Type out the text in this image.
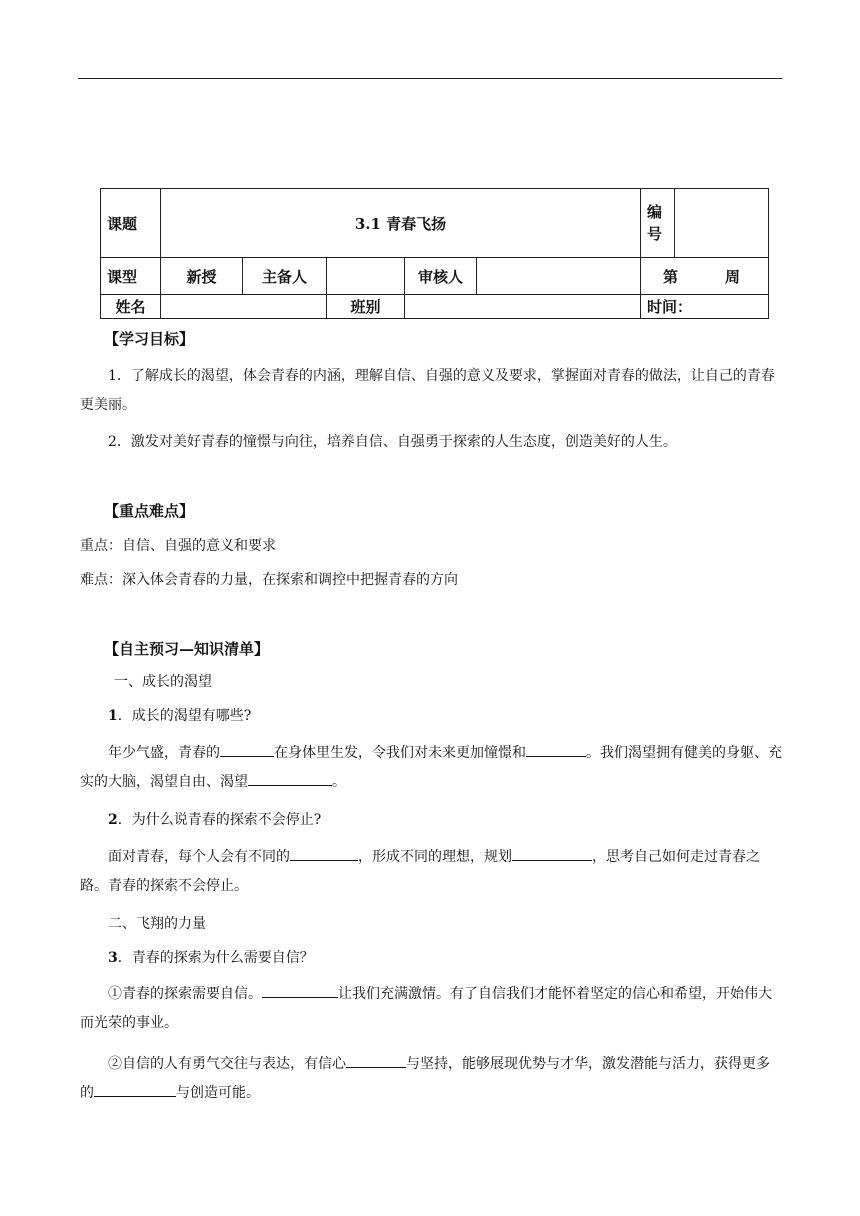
课题	3.1 青春飞扬					编号	
课型	新授	主备人		审核人		第 周	

姓名			班别			时间：	
【学习目标】
1．了解成长的渴望，体会青春的内涵，理解自信、自强的意义及要求，掌握面对青春的做法，让自己的青春更美丽。
2．激发对美好青春的憧憬与向往，培养自信、自强勇于探索的人生态度，创造美好的人生。
【重点难点】
重点：自信、自强的意义和要求
难点：深入体会青春的力量，在探索和调控中把握青春的方向
【自主预习—知识清单】
一、成长的渴望
1．成长的渴望有哪些?
年少气盛，青春的	在身体里生发，令我们对未来更加憧憬和	。我们渴望拥有健美的身躯、充实的大脑，渴望自由、渴望	。
2．为什么说青春的探索不会停止?
面对青春，每个人会有不同的	，形成不同的理想，规划	，思考自己如何走过青春之路。青春的探索不会停止。
二、飞翔的力量
3．青春的探索为什么需要自信？
①青春的探索需要自信。	让我们充满激情。有了自信我们才能怀着坚定的信心和希望，开始伟大而光荣的事业。
②自信的人有勇气交往与表达，有信心	与坚持，能够展现优势与才华，激发潜能与活力，获得更多的	与创造可能。
